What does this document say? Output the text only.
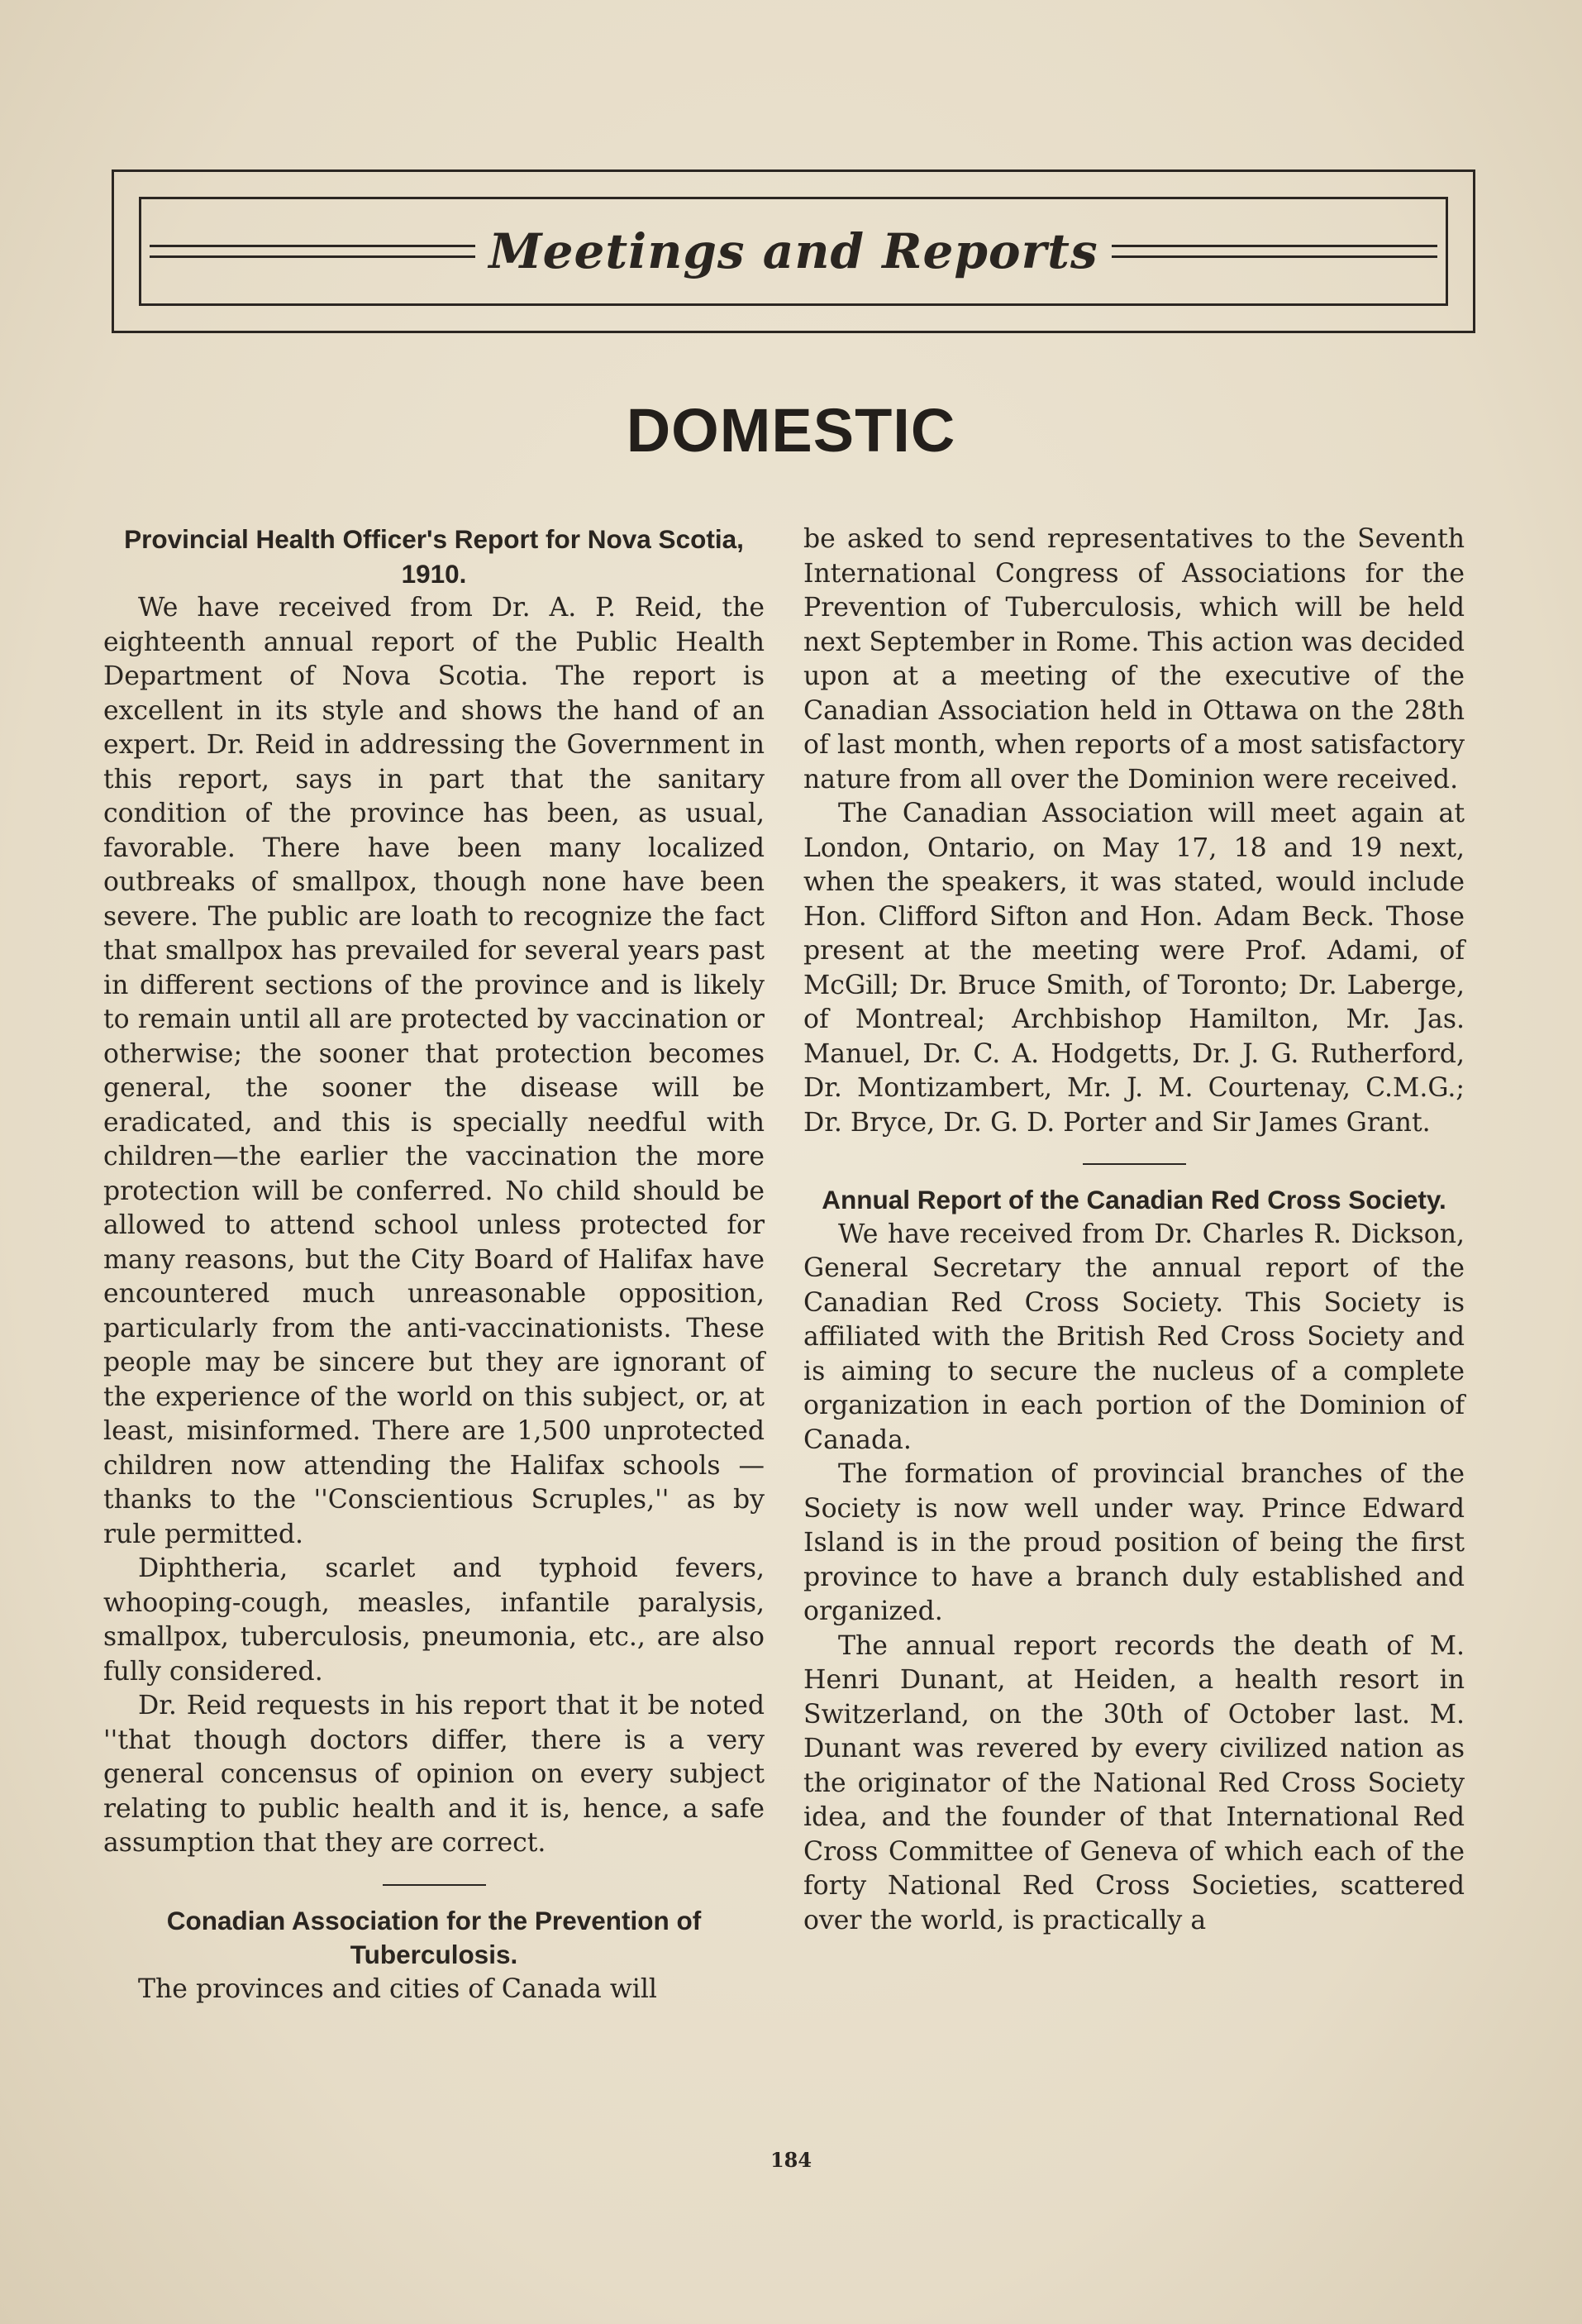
Meetings and Reports
DOMESTIC
Provincial Health Officer's Report for Nova Scotia, 1910.

We have received from Dr. A. P. Reid, the eighteenth annual report of the Public Health Department of Nova Scotia. The report is excellent in its style and shows the hand of an expert. Dr. Reid in addressing the Government in this report, says in part that the sanitary condition of the province has been, as usual, favorable. There have been many localized outbreaks of smallpox, though none have been severe. The public are loath to recognize the fact that smallpox has prevailed for several years past in different sections of the province and is likely to remain until all are protected by vaccination or otherwise; the sooner that protection becomes general, the sooner the disease will be eradicated, and this is specially needful with children—the earlier the vaccination the more protection will be conferred. No child should be allowed to attend school unless protected for many reasons, but the City Board of Halifax have encountered much unreasonable opposition, particularly from the anti-vaccinationists. These people may be sincere but they are ignorant of the experience of the world on this subject, or, at least, misinformed. There are 1,500 unprotected children now attending the Halifax schools —thanks to the ''Conscientious Scruples,'' as by rule permitted.

Diphtheria, scarlet and typhoid fevers, whooping-cough, measles, infantile paralysis, smallpox, tuberculosis, pneumonia, etc., are also fully considered.

Dr. Reid requests in his report that it be noted ''that though doctors differ, there is a very general concensus of opinion on every subject relating to public health and it is, hence, a safe assumption that they are correct.

Conadian Association for the Prevention of Tuberculosis.

The provinces and cities of Canada will

be asked to send representatives to the Seventh International Congress of Associations for the Prevention of Tuberculosis, which will be held next September in Rome. This action was decided upon at a meeting of the executive of the Canadian Association held in Ottawa on the 28th of last month, when reports of a most satisfactory nature from all over the Dominion were received.

The Canadian Association will meet again at London, Ontario, on May 17, 18 and 19 next, when the speakers, it was stated, would include Hon. Clifford Sifton and Hon. Adam Beck. Those present at the meeting were Prof. Adami, of McGill; Dr. Bruce Smith, of Toronto; Dr. Laberge, of Montreal; Archbishop Hamilton, Mr. Jas. Manuel, Dr. C. A. Hodgetts, Dr. J. G. Rutherford, Dr. Montizambert, Mr. J. M. Courtenay, C.M.G.; Dr. Bryce, Dr. G. D. Porter and Sir James Grant.

Annual Report of the Canadian Red Cross Society.

We have received from Dr. Charles R. Dickson, General Secretary the annual report of the Canadian Red Cross Society. This Society is affiliated with the British Red Cross Society and is aiming to secure the nucleus of a complete organization in each portion of the Dominion of Canada.

The formation of provincial branches of the Society is now well under way. Prince Edward Island is in the proud position of being the first province to have a branch duly established and organized.

The annual report records the death of M. Henri Dunant, at Heiden, a health resort in Switzerland, on the 30th of October last. M. Dunant was revered by every civilized nation as the originator of the National Red Cross Society idea, and the founder of that International Red Cross Committee of Geneva of which each of the forty National Red Cross Societies, scattered over the world, is practically a

184
